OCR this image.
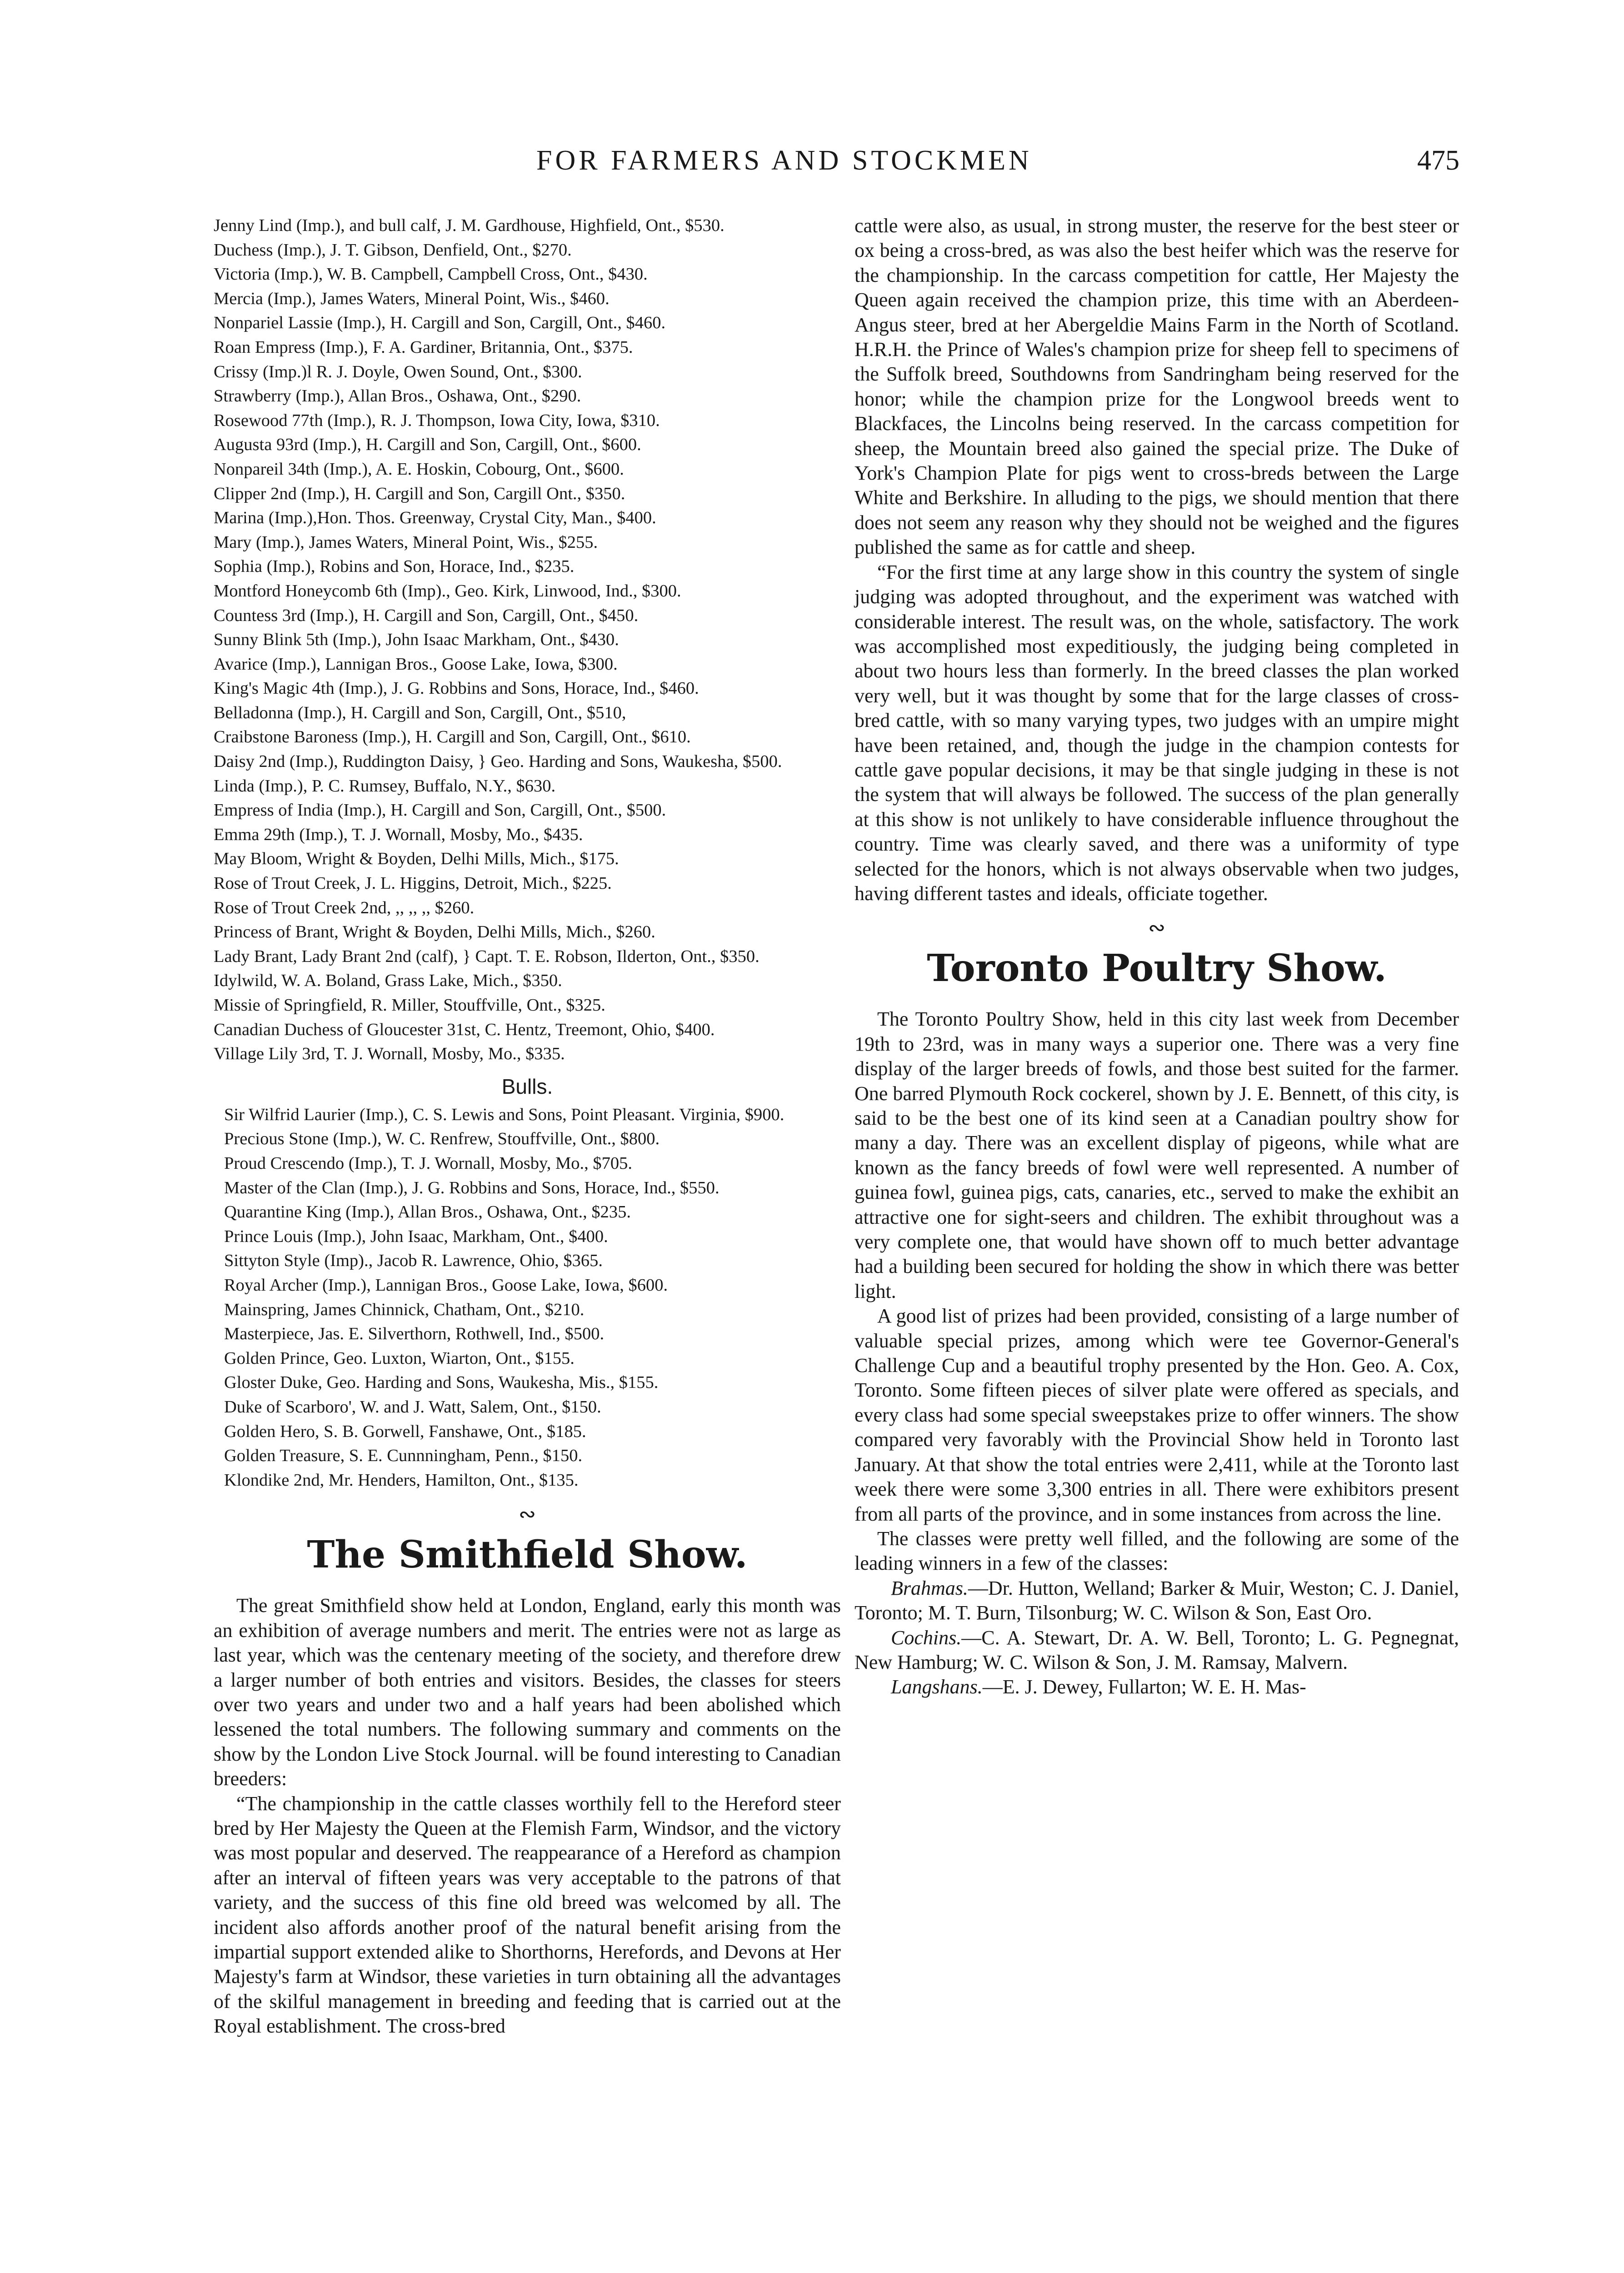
FOR FARMERS AND STOCKMEN	475
Jenny Lind (Imp.), and bull calf, J. M. Gardhouse, Highfield, Ont., $530.
Duchess (Imp.), J. T. Gibson, Denfield, Ont., $270.
Victoria (Imp.), W. B. Campbell, Campbell Cross, Ont., $430.
Mercia (Imp.), James Waters, Mineral Point, Wis., $460.
Nonpariel Lassie (Imp.), H. Cargill and Son, Cargill, Ont., $460.
Roan Empress (Imp.), F. A. Gardiner, Britannia, Ont., $375.
Crissy (Imp.)l R. J. Doyle, Owen Sound, Ont., $300.
Strawberry (Imp.), Allan Bros., Oshawa, Ont., $290.
Rosewood 77th (Imp.), R. J. Thompson, Iowa City, Iowa, $310.
Augusta 93rd (Imp.), H. Cargill and Son, Cargill, Ont., $600.
Nonpareil 34th (Imp.), A. E. Hoskin, Cobourg, Ont., $600.
Clipper 2nd (Imp.), H. Cargill and Son, Cargill Ont., $350.
Marina (Imp.),Hon. Thos. Greenway, Crystal City, Man., $400.
Mary (Imp.), James Waters, Mineral Point, Wis., $255.
Sophia (Imp.), Robins and Son, Horace, Ind., $235.
Montford Honeycomb 6th (Imp)., Geo. Kirk, Linwood, Ind., $300.
Countess 3rd (Imp.), H. Cargill and Son, Cargill, Ont., $450.
Sunny Blink 5th (Imp.), John Isaac Markham, Ont., $430.
Avarice (Imp.), Lannigan Bros., Goose Lake, Iowa, $300.
King's Magic 4th (Imp.), J. G. Robbins and Sons, Horace, Ind., $460.
Belladonna (Imp.), H. Cargill and Son, Cargill, Ont., $510,
Craibstone Baroness (Imp.), H. Cargill and Son, Cargill, Ont., $610.
Daisy 2nd (Imp.), Ruddington Daisy, } Geo. Harding and Sons, Waukesha, $500.
Linda (Imp.), P. C. Rumsey, Buffalo, N.Y., $630.
Empress of India (Imp.), H. Cargill and Son, Cargill, Ont., $500.
Emma 29th (Imp.), T. J. Wornall, Mosby, Mo., $435.
May Bloom, Wright & Boyden, Delhi Mills, Mich., $175.
Rose of Trout Creek, J. L. Higgins, Detroit, Mich., $225.
Rose of Trout Creek 2nd, ,, ,, ,, $260.
Princess of Brant, Wright & Boyden, Delhi Mills, Mich., $260.
Lady Brant, Lady Brant 2nd (calf), } Capt. T. E. Robson, Ilderton, Ont., $350.
Idylwild, W. A. Boland, Grass Lake, Mich., $350.
Missie of Springfield, R. Miller, Stouffville, Ont., $325.
Canadian Duchess of Gloucester 31st, C. Hentz, Treemont, Ohio, $400.
Village Lily 3rd, T. J. Wornall, Mosby, Mo., $335.
Bulls.
Sir Wilfrid Laurier (Imp.), C. S. Lewis and Sons, Point Pleasant. Virginia, $900.
Precious Stone (Imp.), W. C. Renfrew, Stouffville, Ont., $800.
Proud Crescendo (Imp.), T. J. Wornall, Mosby, Mo., $705.
Master of the Clan (Imp.), J. G. Robbins and Sons, Horace, Ind., $550.
Quarantine King (Imp.), Allan Bros., Oshawa, Ont., $235.
Prince Louis (Imp.), John Isaac, Markham, Ont., $400.
Sittyton Style (Imp)., Jacob R. Lawrence, Ohio, $365.
Royal Archer (Imp.), Lannigan Bros., Goose Lake, Iowa, $600.
Mainspring, James Chinnick, Chatham, Ont., $210.
Masterpiece, Jas. E. Silverthorn, Rothwell, Ind., $500.
Golden Prince, Geo. Luxton, Wiarton, Ont., $155.
Gloster Duke, Geo. Harding and Sons, Waukesha, Mis., $155.
Duke of Scarboro', W. and J. Watt, Salem, Ont., $150.
Golden Hero, S. B. Gorwell, Fanshawe, Ont., $185.
Golden Treasure, S. E. Cunnningham, Penn., $150.
Klondike 2nd, Mr. Henders, Hamilton, Ont., $135.
∾
The Smithfield Show.

The great Smithfield show held at London, England, early this month was an exhibition of average numbers and merit. The entries were not as large as last year, which was the centenary meeting of the society, and therefore drew a larger number of both entries and visitors. Besides, the classes for steers over two years and under two and a half years had been abolished which lessened the total numbers. The following summary and comments on the show by the London Live Stock Journal. will be found interesting to Canadian breeders:

“The championship in the cattle classes worthily fell to the Hereford steer bred by Her Majesty the Queen at the Flemish Farm, Windsor, and the victory was most popular and deserved. The reappearance of a Hereford as champion after an interval of fifteen years was very acceptable to the patrons of that variety, and the success of this fine old breed was welcomed by all. The incident also affords another proof of the natural benefit arising from the impartial support extended alike to Shorthorns, Herefords, and Devons at Her Majesty's farm at Windsor, these varieties in turn obtaining all the advantages of the skilful management in breeding and feeding that is carried out at the Royal establishment. The cross-bred

cattle were also, as usual, in strong muster, the reserve for the best steer or ox being a cross-bred, as was also the best heifer which was the reserve for the championship. In the carcass competition for cattle, Her Majesty the Queen again received the champion prize, this time with an Aberdeen-Angus steer, bred at her Abergeldie Mains Farm in the North of Scotland. H.R.H. the Prince of Wales's champion prize for sheep fell to specimens of the Suffolk breed, Southdowns from Sandringham being reserved for the honor; while the champion prize for the Longwool breeds went to Blackfaces, the Lincolns being reserved. In the carcass competition for sheep, the Mountain breed also gained the special prize. The Duke of York's Champion Plate for pigs went to cross-breds between the Large White and Berkshire. In alluding to the pigs, we should mention that there does not seem any reason why they should not be weighed and the figures published the same as for cattle and sheep.

“For the first time at any large show in this country the system of single judging was adopted throughout, and the experiment was watched with considerable interest. The result was, on the whole, satisfactory. The work was accomplished most expeditiously, the judging being completed in about two hours less than formerly. In the breed classes the plan worked very well, but it was thought by some that for the large classes of cross-bred cattle, with so many varying types, two judges with an umpire might have been retained, and, though the judge in the champion contests for cattle gave popular decisions, it may be that single judging in these is not the system that will always be followed. The success of the plan generally at this show is not unlikely to have considerable influence throughout the country. Time was clearly saved, and there was a uniformity of type selected for the honors, which is not always observable when two judges, having different tastes and ideals, officiate together.

∾
Toronto Poultry Show.

The Toronto Poultry Show, held in this city last week from December 19th to 23rd, was in many ways a superior one. There was a very fine display of the larger breeds of fowls, and those best suited for the farmer. One barred Plymouth Rock cockerel, shown by J. E. Bennett, of this city, is said to be the best one of its kind seen at a Canadian poultry show for many a day. There was an excellent display of pigeons, while what are known as the fancy breeds of fowl were well represented. A number of guinea fowl, guinea pigs, cats, canaries, etc., served to make the exhibit an attractive one for sight-seers and children. The exhibit throughout was a very complete one, that would have shown off to much better advantage had a building been secured for holding the show in which there was better light.

A good list of prizes had been provided, consisting of a large number of valuable special prizes, among which were tee Governor-General's Challenge Cup and a beautiful trophy presented by the Hon. Geo. A. Cox, Toronto. Some fifteen pieces of silver plate were offered as specials, and every class had some special sweepstakes prize to offer winners. The show compared very favorably with the Provincial Show held in Toronto last January. At that show the total entries were 2,411, while at the Toronto last week there were some 3,300 entries in all. There were exhibitors present from all parts of the province, and in some instances from across the line.

The classes were pretty well filled, and the following are some of the leading winners in a few of the classes:

Brahmas.—Dr. Hutton, Welland; Barker & Muir, Weston; C. J. Daniel, Toronto; M. T. Burn, Tilsonburg; W. C. Wilson & Son, East Oro.

Cochins.—C. A. Stewart, Dr. A. W. Bell, Toronto; L. G. Pegnegnat, New Hamburg; W. C. Wilson & Son, J. M. Ramsay, Malvern.

Langshans.—E. J. Dewey, Fullarton; W. E. H. Mas-
